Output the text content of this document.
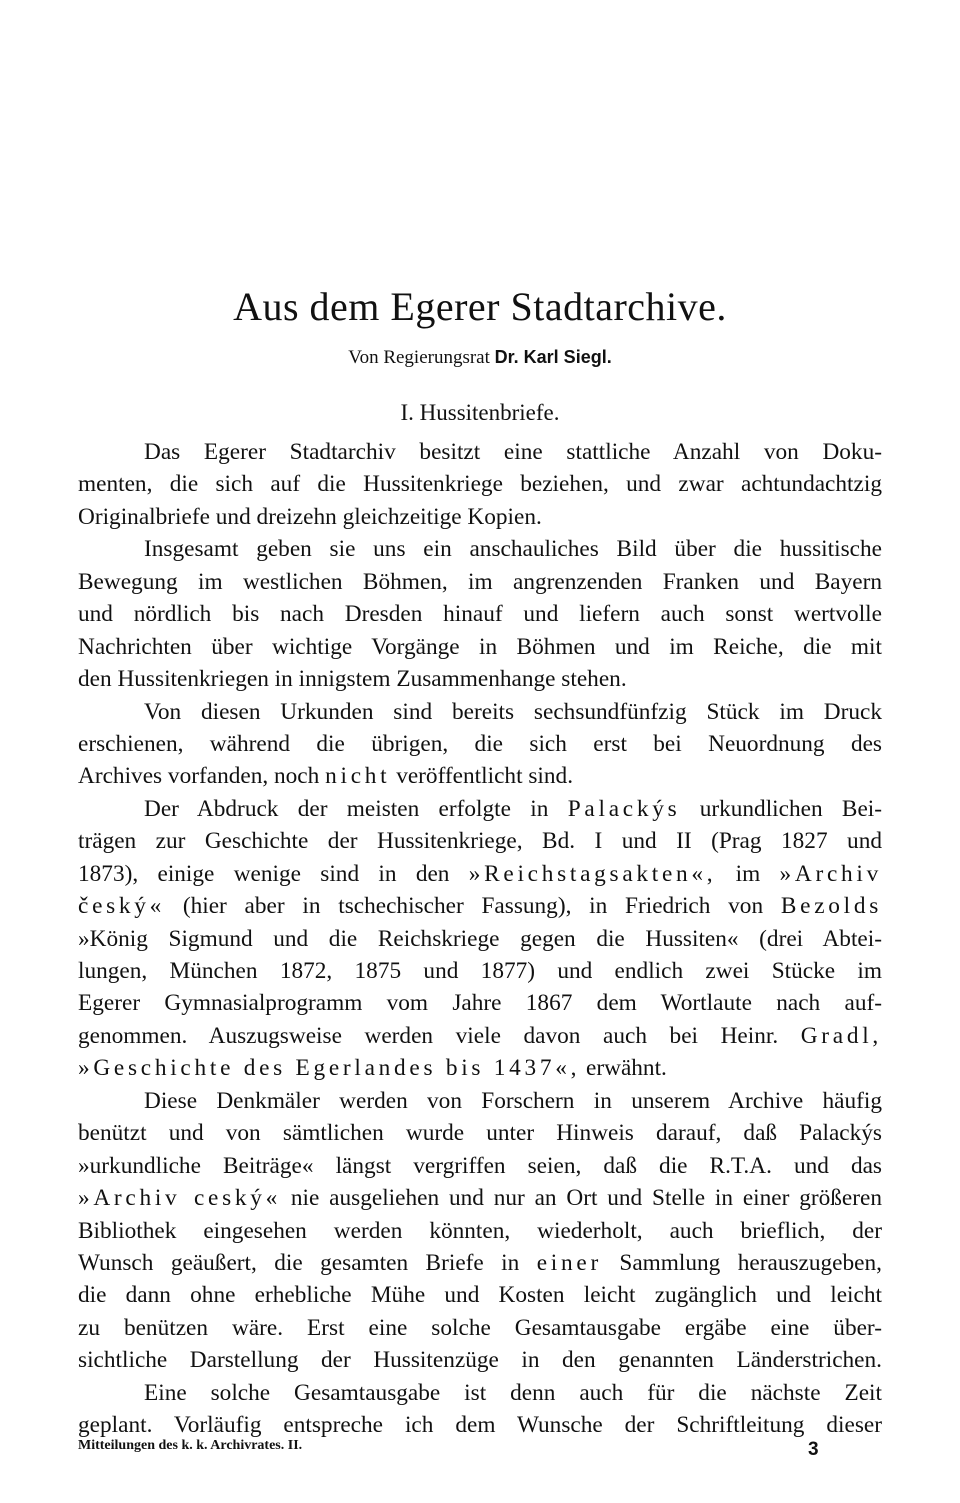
Aus dem Egerer Stadtarchive.
Von Regierungsrat Dr. Karl Siegl.
I. Hussitenbriefe.
Das Egerer Stadtarchiv besitzt eine stattliche Anzahl von Doku-
menten, die sich auf die Hussitenkriege beziehen, und zwar achtundachtzig
Originalbriefe und dreizehn gleichzeitige Kopien.
Insgesamt geben sie uns ein anschauliches Bild über die hussitische
Bewegung im westlichen Böhmen, im angrenzenden Franken und Bayern
und nördlich bis nach Dresden hinauf und liefern auch sonst wertvolle
Nachrichten über wichtige Vorgänge in Böhmen und im Reiche, die mit
den Hussitenkriegen in innigstem Zusammenhange stehen.
Von diesen Urkunden sind bereits sechsundfünfzig Stück im Druck
erschienen, während die übrigen, die sich erst bei Neuordnung des
Archives vorfanden, noch nicht veröffentlicht sind.
Der Abdruck der meisten erfolgte in Palackýs urkundlichen Bei-
trägen zur Geschichte der Hussitenkriege, Bd. I und II (Prag 1827 und
1873), einige wenige sind in den »Reichstagsakten«, im »Archiv
český« (hier aber in tschechischer Fassung), in Friedrich von Bezolds
»König Sigmund und die Reichskriege gegen die Hussiten« (drei Abtei-
lungen, München 1872, 1875 und 1877) und endlich zwei Stücke im
Egerer Gymnasialprogramm vom Jahre 1867 dem Wortlaute nach auf-
genommen. Auszugsweise werden viele davon auch bei Heinr. Gradl,
»Geschichte des Egerlandes bis 1437«, erwähnt.
Diese Denkmäler werden von Forschern in unserem Archive häufig
benützt und von sämtlichen wurde unter Hinweis darauf, daß Palackýs
»urkundliche Beiträge« längst vergriffen seien, daß die R.T.A. und das
»Archiv ceský« nie ausgeliehen und nur an Ort und Stelle in einer größeren
Bibliothek eingesehen werden könnten, wiederholt, auch brieflich, der
Wunsch geäußert, die gesamten Briefe in einer Sammlung herauszugeben,
die dann ohne erhebliche Mühe und Kosten leicht zugänglich und leicht
zu benützen wäre. Erst eine solche Gesamtausgabe ergäbe eine über-
sichtliche Darstellung der Hussitenzüge in den genannten Länderstrichen.
Eine solche Gesamtausgabe ist denn auch für die nächste Zeit
geplant. Vorläufig entspreche ich dem Wunsche der Schriftleitung dieser
Mitteilungen des k. k. Archivrates. II.	3
